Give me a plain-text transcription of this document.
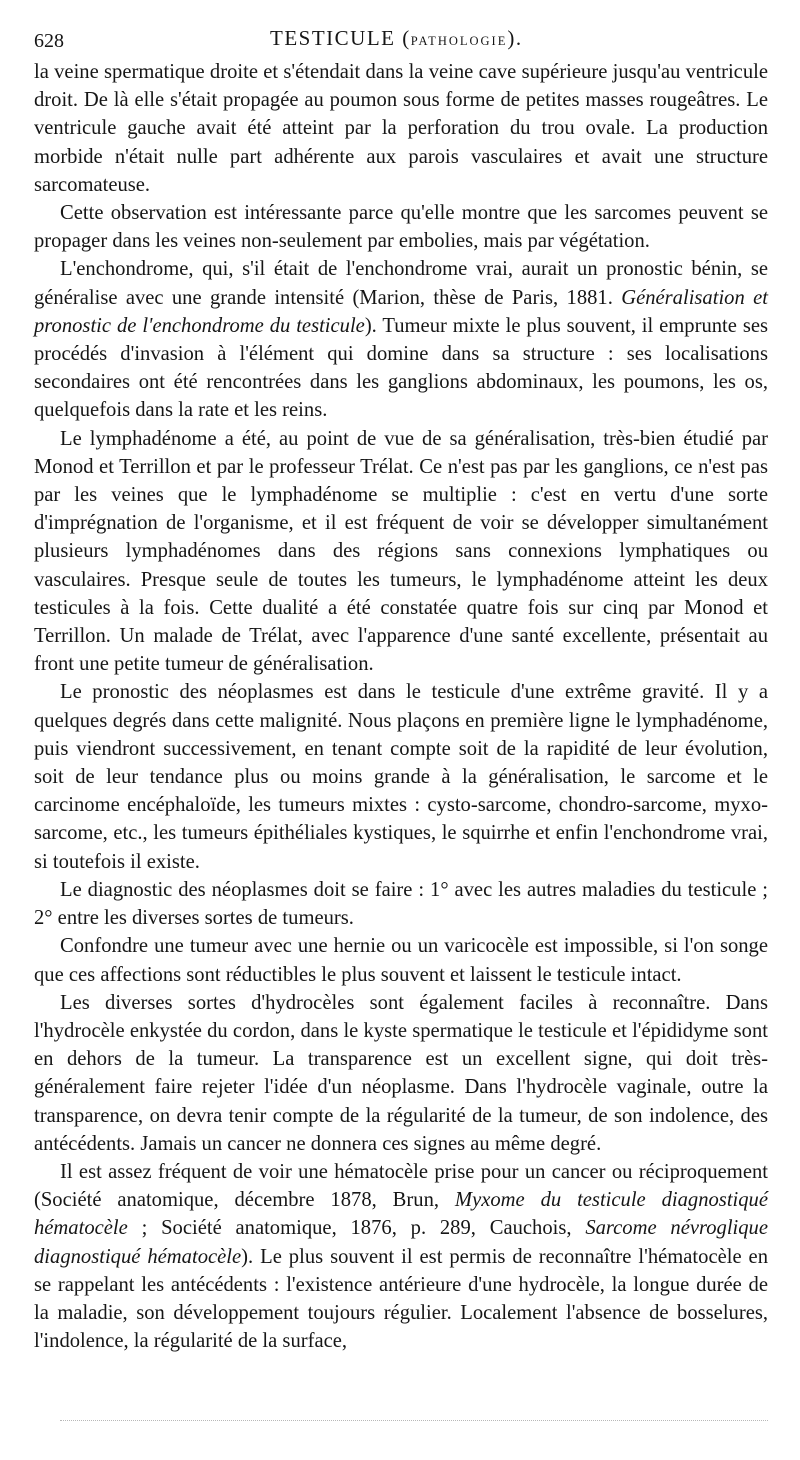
628	TESTICULE (PATHOLOGIE).

la veine spermatique droite et s'étendait dans la veine cave supérieure jusqu'au ventricule droit. De là elle s'était propagée au poumon sous forme de petites masses rougeâtres. Le ventricule gauche avait été atteint par la perforation du trou ovale. La production morbide n'était nulle part adhérente aux parois vasculaires et avait une structure sarcomateuse.

Cette observation est intéressante parce qu'elle montre que les sarcomes peuvent se propager dans les veines non-seulement par embolies, mais par végétation.

L'enchondrome, qui, s'il était de l'enchondrome vrai, aurait un pronostic bénin, se généralise avec une grande intensité (Marion, thèse de Paris, 1881. Généralisation et pronostic de l'enchondrome du testicule). Tumeur mixte le plus souvent, il emprunte ses procédés d'invasion à l'élément qui domine dans sa structure : ses localisations secondaires ont été rencontrées dans les ganglions abdominaux, les poumons, les os, quelquefois dans la rate et les reins.

Le lymphadénome a été, au point de vue de sa généralisation, très-bien étudié par Monod et Terrillon et par le professeur Trélat. Ce n'est pas par les ganglions, ce n'est pas par les veines que le lymphadénome se multiplie : c'est en vertu d'une sorte d'imprégnation de l'organisme, et il est fréquent de voir se développer simultanément plusieurs lymphadénomes dans des régions sans connexions lymphatiques ou vasculaires. Presque seule de toutes les tumeurs, le lymphadénome atteint les deux testicules à la fois. Cette dualité a été constatée quatre fois sur cinq par Monod et Terrillon. Un malade de Trélat, avec l'apparence d'une santé excellente, présentait au front une petite tumeur de généralisation.

Le pronostic des néoplasmes est dans le testicule d'une extrême gravité. Il y a quelques degrés dans cette malignité. Nous plaçons en première ligne le lymphadénome, puis viendront successivement, en tenant compte soit de la rapidité de leur évolution, soit de leur tendance plus ou moins grande à la généralisation, le sarcome et le carcinome encéphaloïde, les tumeurs mixtes : cysto-sarcome, chondro-sarcome, myxo-sarcome, etc., les tumeurs épithéliales kystiques, le squirrhe et enfin l'enchondrome vrai, si toutefois il existe.

Le diagnostic des néoplasmes doit se faire : 1° avec les autres maladies du testicule ; 2° entre les diverses sortes de tumeurs.

Confondre une tumeur avec une hernie ou un varicocèle est impossible, si l'on songe que ces affections sont réductibles le plus souvent et laissent le testicule intact.

Les diverses sortes d'hydrocèles sont également faciles à reconnaître. Dans l'hydrocèle enkystée du cordon, dans le kyste spermatique le testicule et l'épididyme sont en dehors de la tumeur. La transparence est un excellent signe, qui doit très-généralement faire rejeter l'idée d'un néoplasme. Dans l'hydrocèle vaginale, outre la transparence, on devra tenir compte de la régularité de la tumeur, de son indolence, des antécédents. Jamais un cancer ne donnera ces signes au même degré.

Il est assez fréquent de voir une hématocèle prise pour un cancer ou réciproquement (Société anatomique, décembre 1878, Brun, Myxome du testicule diagnostiqué hématocèle ; Société anatomique, 1876, p. 289, Cauchois, Sarcome névroglique diagnostiqué hématocèle). Le plus souvent il est permis de reconnaître l'hématocèle en se rappelant les antécédents : l'existence antérieure d'une hydrocèle, la longue durée de la maladie, son développement toujours régulier. Localement l'absence de bosselures, l'indolence, la régularité de la surface,
